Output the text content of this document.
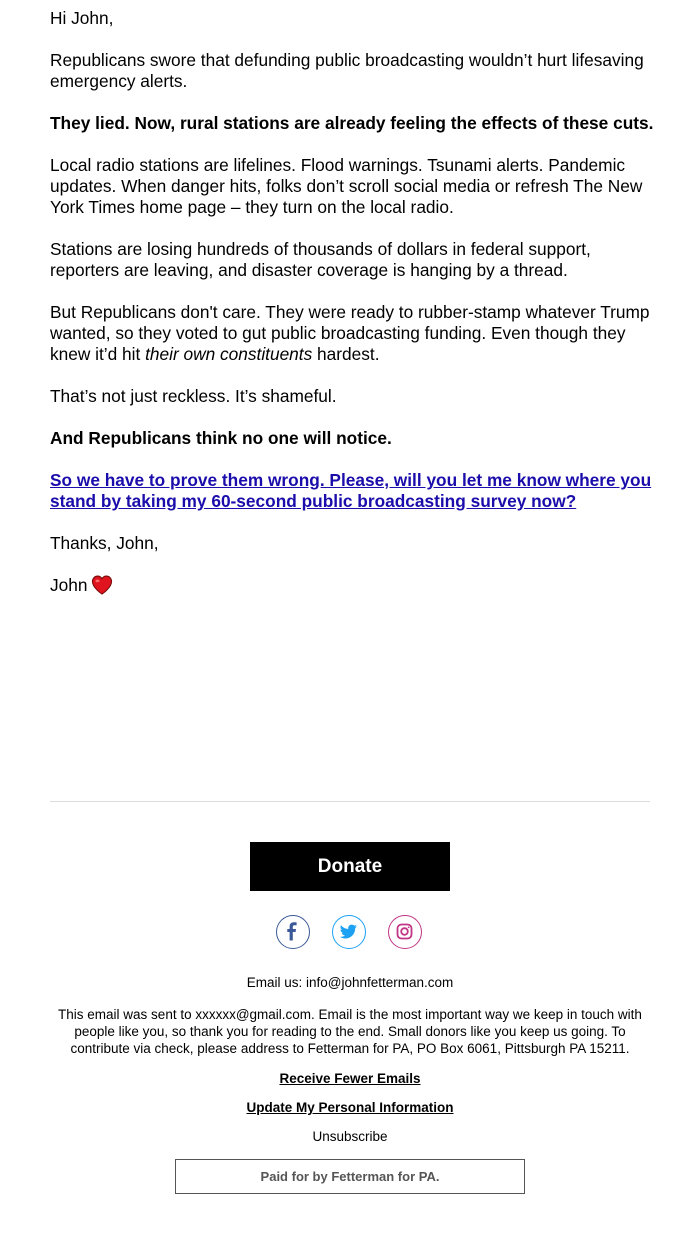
Hi John,

Republicans swore that defunding public broadcasting wouldn’t hurt lifesaving emergency alerts.

They lied. Now, rural stations are already feeling the effects of these cuts.

Local radio stations are lifelines. Flood warnings. Tsunami alerts. Pandemic updates. When danger hits, folks don’t scroll social media or refresh The New York Times home page – they turn on the local radio.

Stations are losing hundreds of thousands of dollars in federal support, reporters are leaving, and disaster coverage is hanging by a thread.

But Republicans don't care. They were ready to rubber-stamp whatever Trump wanted, so they voted to gut public broadcasting funding. Even though they knew it’d hit their own constituents hardest.

That’s not just reckless. It’s shameful.

And Republicans think no one will notice.

So we have to prove them wrong. Please, will you let me know where you stand by taking my 60-second public broadcasting survey now?

Thanks, John,

John

Donate
Email us: info@johnfetterman.com
This email was sent to xxxxxx@gmail.com. Email is the most important way we keep in touch with people like you, so thank you for reading to the end. Small donors like you keep us going. To contribute via check, please address to Fetterman for PA, PO Box 6061, Pittsburgh PA 15211.
Receive Fewer Emails
Update My Personal Information
Unsubscribe
Paid for by Fetterman for PA.
